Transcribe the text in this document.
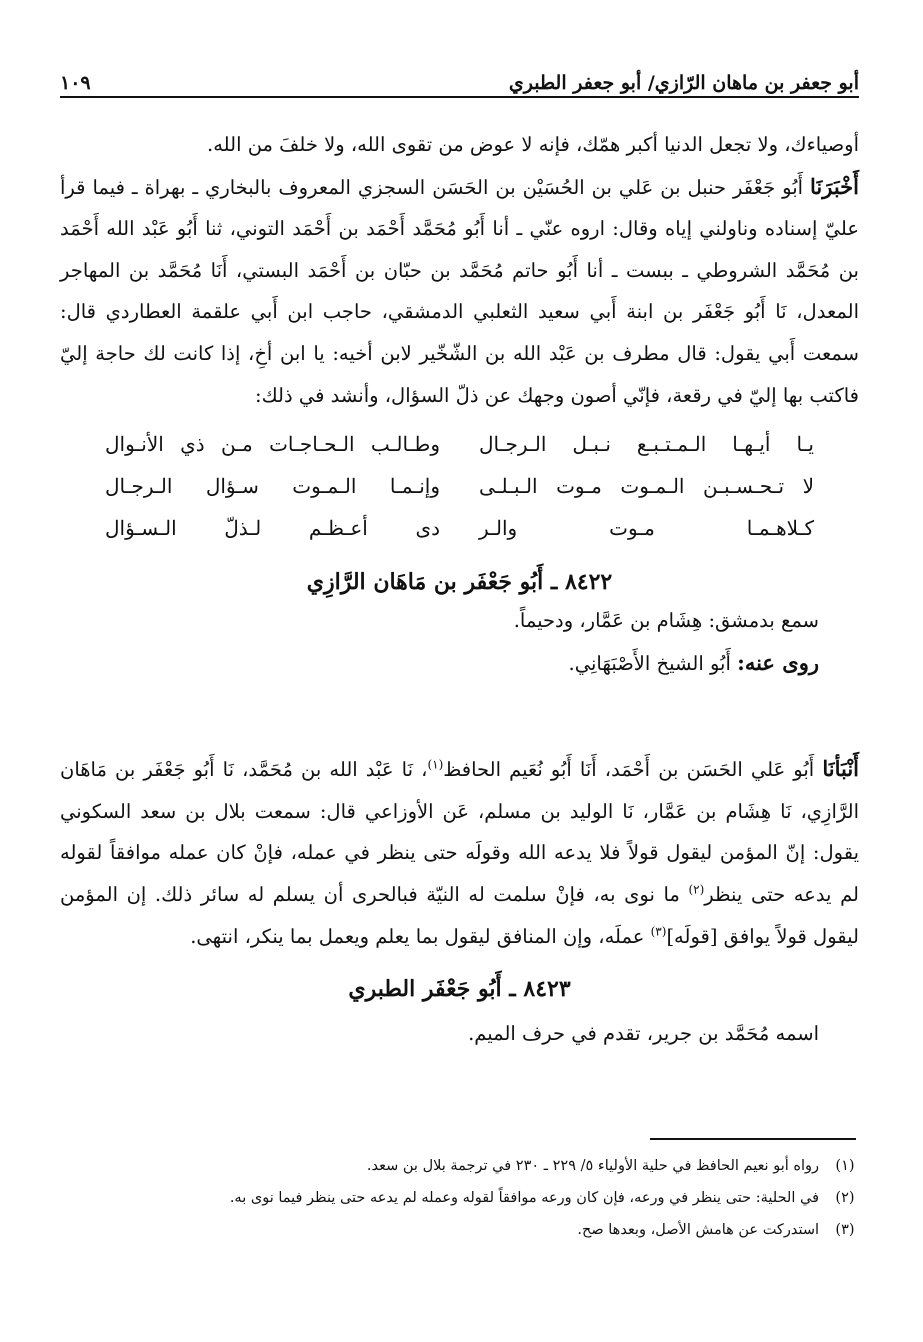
أبو جعفر بن ماهان الرّازي/ أبو جعفر الطبري
١٠٩

أوصياءك، ولا تجعل الدنيا أكبر همّك، فإنه لا عوض من تقوى الله، ولا خلفَ من الله.

أَخْبَرَنَا أَبُو جَعْفَر حنبل بن عَلي بن الحُسَيْن بن الحَسَن السجزي المعروف بالبخاري ـ بهراة ـ فيما قرأ عليّ إسناده وناولني إياه وقال: اروه عنّي ـ أنا أَبُو مُحَمَّد أَحْمَد بن أَحْمَد التوني، ثنا أَبُو عَبْد الله أَحْمَد بن مُحَمَّد الشروطي ـ ببست ـ أنا أَبُو حاتم مُحَمَّد بن حبّان بن أَحْمَد البستي، أَنَا مُحَمَّد بن المهاجر المعدل، نَا أَبُو جَعْفَر بن ابنة أَبي سعيد الثعلبي الدمشقي، حاجب ابن أَبي علقمة العطاردي قال: سمعت أَبي يقول: قال مطرف بن عَبْد الله بن الشّخّير لابن أخيه: يا ابن أخِ، إذا كانت لك حاجة إليّ فاكتب بها إليّ في رقعة، فإنّي أصون وجهك عن ذلّ السؤال، وأنشد في ذلك:

يـا أيـهـا الـمـتـبـع نـبـل الـرجـال
وطـالـب الـحـاجـات مـن ذي الأنـوال
لا تـحـسـبـن الـمـوت مـوت الـبـلـى
وإنـمـا الـمـوت سـؤال الـرجـال
كـلاهـمـا مـوت والـر
دى أعـظـم لـذلّ الـسـؤال
٨٤٢٢ ـ أَبُو جَعْفَر بن مَاهَان الرَّازِي

سمع بدمشق: هِشَام بن عَمَّار، ودحيماً.

روى عنه: أَبُو الشيخ الأَصْبَهَانِي.

أَنْبَأنَا أَبُو عَلي الحَسَن بن أَحْمَد، أَنَا أَبُو نُعَيم الحافظ$^{(١)}$، نَا عَبْد الله بن مُحَمَّد، نَا أَبُو جَعْفَر بن مَاهَان الرَّازِي، نَا هِشَام بن عَمَّار، نَا الوليد بن مسلم، عَن الأوزاعي قال: سمعت بلال بن سعد السكوني يقول: إنّ المؤمن ليقول قولاً فلا يدعه الله وقولَه حتى ينظر في عمله، فإنْ كان عمله موافقاً لقوله لم يدعه حتى ينظر$^{(٢)}$ ما نوى به، فإنْ سلمت له النيّة فبالحرى أن يسلم له سائر ذلك. إن المؤمن ليقول قولاً يوافق [قولَه]$^{(٣)}$ عملَه، وإن المنافق ليقول بما يعلم ويعمل بما ينكر، انتهى.

٨٤٢٣ ـ أَبُو جَعْفَر الطبري

اسمه مُحَمَّد بن جرير، تقدم في حرف الميم.

(١)
رواه أبو نعيم الحافظ في حلية الأولياء ٥/ ٢٢٩ ـ ٢٣٠ في ترجمة بلال بن سعد.
(٢)
في الحلية: حتى ينظر في ورعه، فإن كان ورعه موافقاً لقوله وعمله لم يدعه حتى ينظر فيما نوى به.
(٣)
استدركت عن هامش الأصل، وبعدها صح.
